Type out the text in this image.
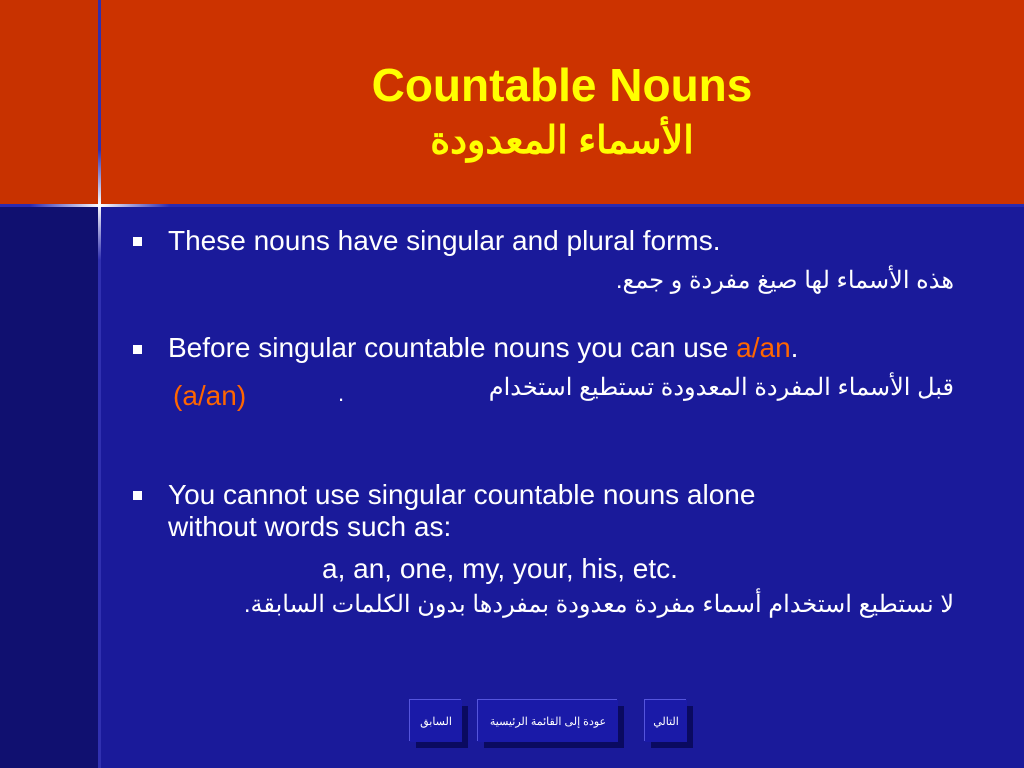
Countable Nouns
الأسماء المعدودة
These nouns have singular and plural forms.
هذه الأسماء لها صيغ مفردة و جمع.
Before singular countable nouns you can use a/an.
قبل الأسماء المفردة المعدودة تستطيع استخدام
(a/an)	.
You cannot use singular countable nouns alone
without words such as:
a, an, one, my, your, his, etc.
لا نستطيع استخدام أسماء مفردة معدودة بمفردها بدون الكلمات السابقة.
السابق	عودة إلى القائمة الرئيسية	التالي
